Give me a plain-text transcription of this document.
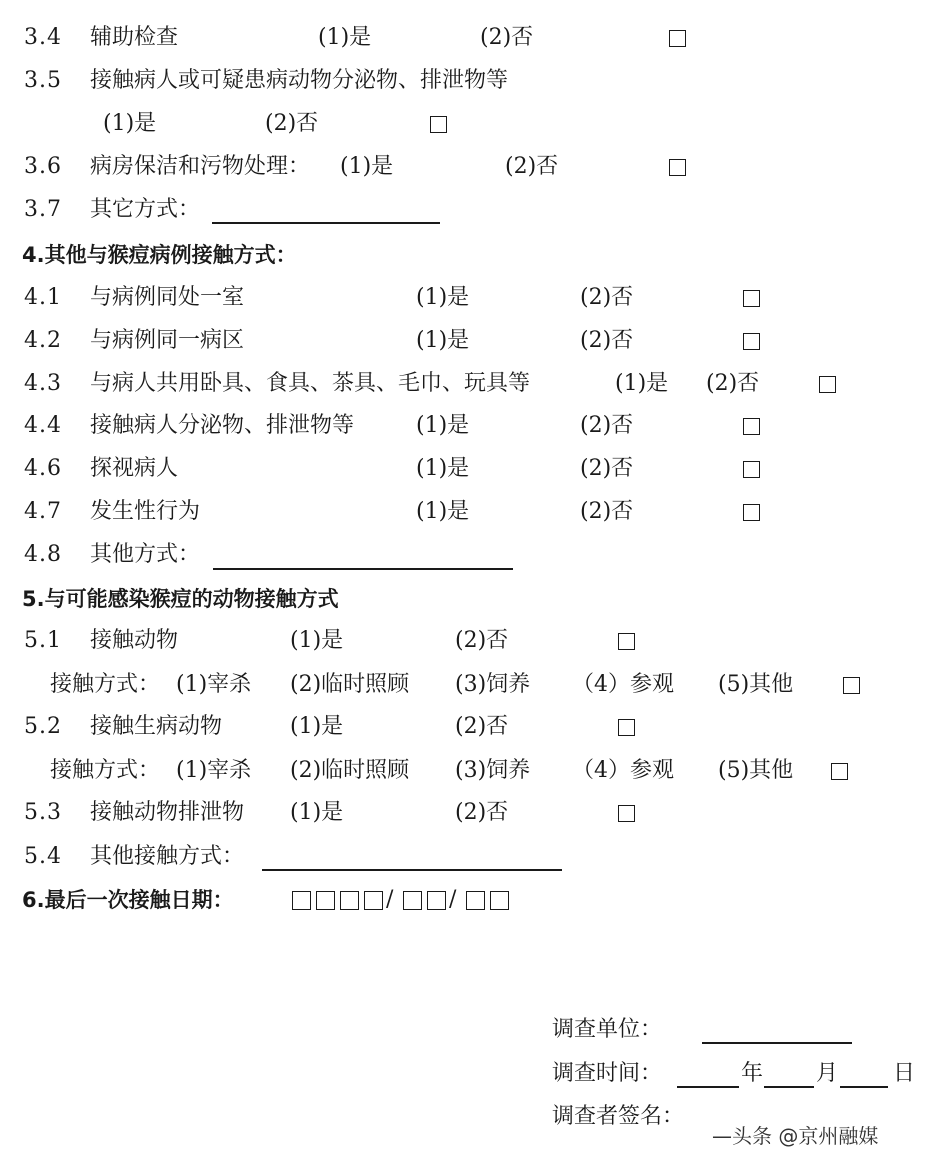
3.4 辅助检查	(1)是	(2)否
3.5 接触病人或可疑患病动物分泌物、排泄物等
(1)是	(2)否
3.6 病房保洁和污物处理： (1)是	(2)否
3.7 其它方式：
4.其他与猴痘病例接触方式：
4.1 与病例同处一室	(1)是	(2)否
4.2 与病例同一病区	(1)是	(2)否
4.3 与病人共用卧具、食具、茶具、毛巾、玩具等	(1)是 (2)否
4.4 接触病人分泌物、排泄物等	(1)是	(2)否
4.6 探视病人	(1)是	(2)否
4.7 发生性行为	(1)是	(2)否
4.8 其他方式：
5.与可能感染猴痘的动物接触方式
5.1 接触动物	(1)是	(2)否
接触方式： (1)宰杀 (2)临时照顾 (3)饲养 （4）参观 (5)其他
5.2 接触生病动物	(1)是	(2)否
接触方式： (1)宰杀 (2)临时照顾 (3)饲养 （4）参观 (5)其他
5.3 接触动物排泄物 (1)是	(2)否
5.4 其他接触方式：
6.最后一次接触日期：	/	/
调查单位：
调查时间：	年 月 日
调查者签名：
—头条 @京州融媒
